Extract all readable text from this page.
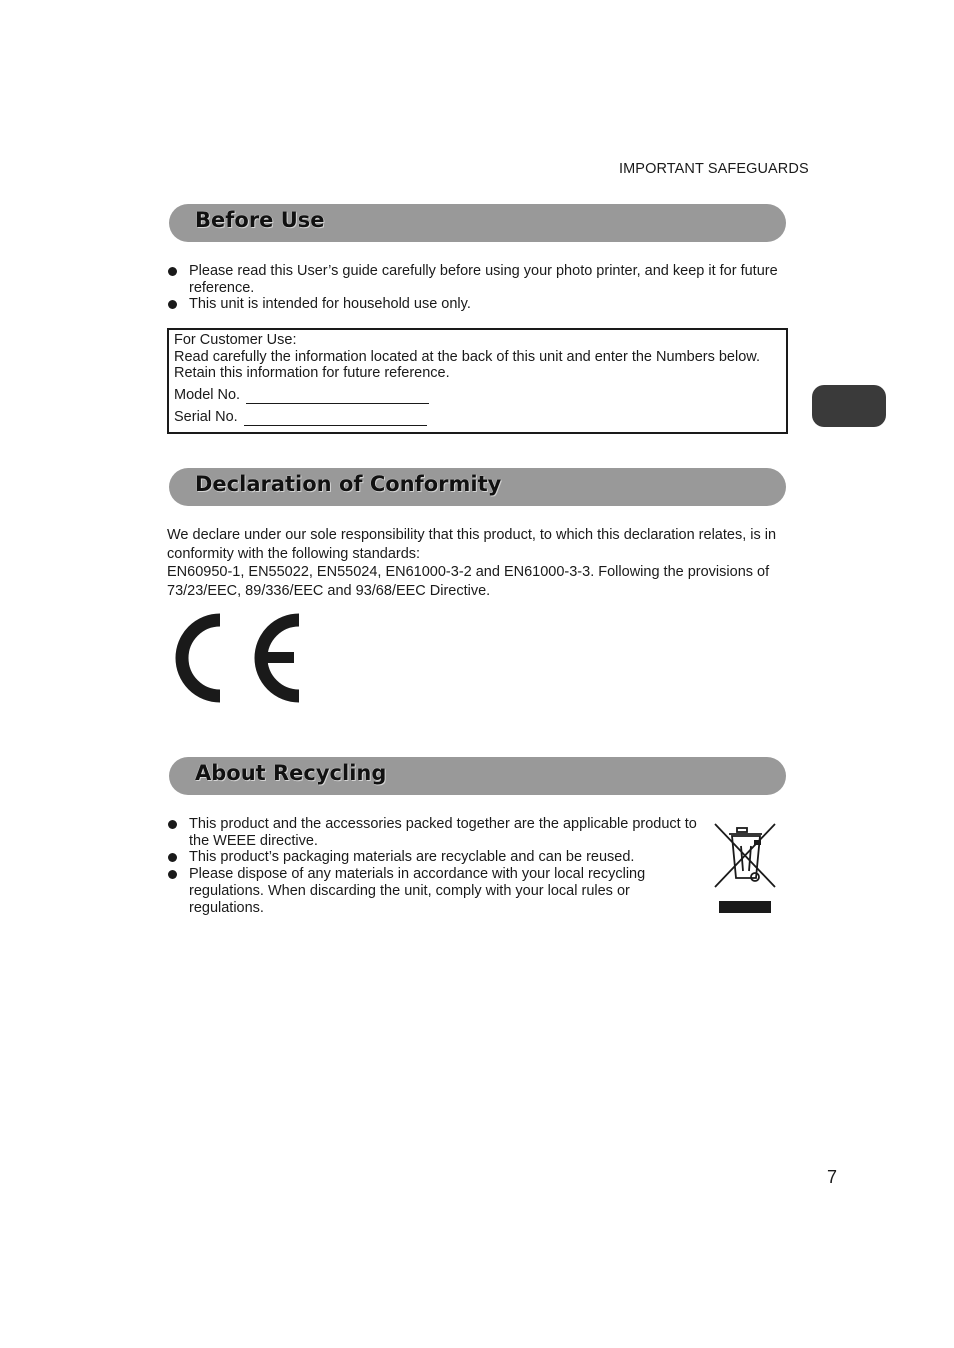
IMPORTANT SAFEGUARDS
Before Use
Please read this User’s guide carefully before using your photo printer, and keep it for future reference.
This unit is intended for household use only.
For Customer Use:
Read carefully the information located at the back of this unit and enter the Numbers below.
Retain this information for future reference.
Model No.
Serial No.
Declaration of Conformity
We declare under our sole responsibility that this product, to which this declaration relates, is in conformity with the following standards:
EN60950-1, EN55022, EN55024, EN61000-3-2 and EN61000-3-3. Following the provisions of 73/23/EEC, 89/336/EEC and 93/68/EEC Directive.
About Recycling
This product and the accessories packed together are the applicable product to the WEEE directive.
This product’s packaging materials are recyclable and can be reused.
Please dispose of any materials in accordance with your local recycling regulations. When discarding the unit, comply with your local rules or regulations.
7
